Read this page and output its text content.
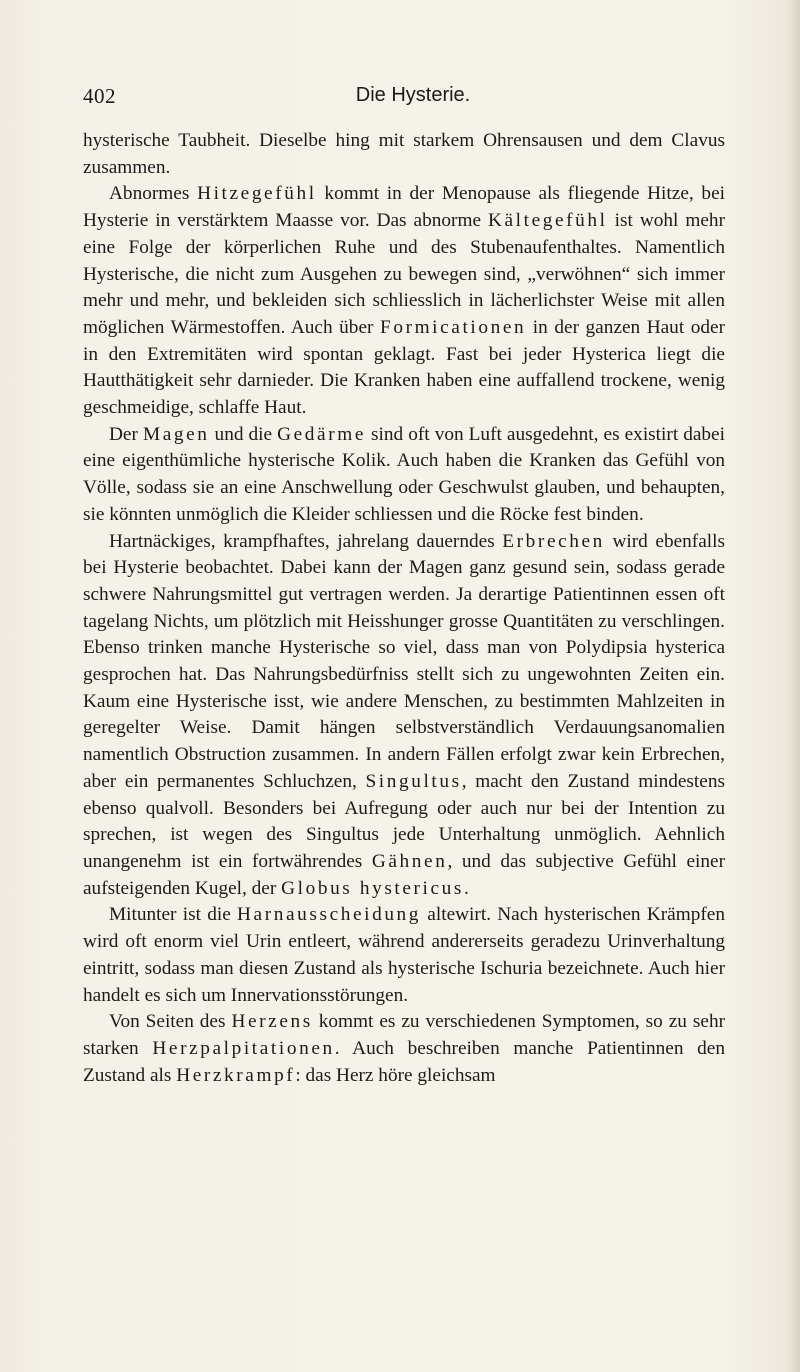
402	Die Hysterie.

hysterische Taubheit. Dieselbe hing mit starkem Ohrensausen und dem Clavus zusammen.

Abnormes Hitzegefühl kommt in der Menopause als fliegende Hitze, bei Hysterie in verstärktem Maasse vor. Das abnorme Kältegefühl ist wohl mehr eine Folge der körperlichen Ruhe und des Stubenaufenthaltes. Namentlich Hysterische, die nicht zum Ausgehen zu bewegen sind, „verwöhnen“ sich immer mehr und mehr, und bekleiden sich schliesslich in lächerlichster Weise mit allen möglichen Wärmestoffen. Auch über Formicationen in der ganzen Haut oder in den Extremitäten wird spontan geklagt. Fast bei jeder Hysterica liegt die Hautthätigkeit sehr darnieder. Die Kranken haben eine auffallend trockene, wenig geschmeidige, schlaffe Haut.

Der Magen und die Gedärme sind oft von Luft ausgedehnt, es existirt dabei eine eigenthümliche hysterische Kolik. Auch haben die Kranken das Gefühl von Völle, sodass sie an eine Anschwellung oder Geschwulst glauben, und behaupten, sie könnten unmöglich die Kleider schliessen und die Röcke fest binden.

Hartnäckiges, krampfhaftes, jahrelang dauerndes Erbrechen wird ebenfalls bei Hysterie beobachtet. Dabei kann der Magen ganz gesund sein, sodass gerade schwere Nahrungsmittel gut vertragen werden. Ja derartige Patientinnen essen oft tagelang Nichts, um plötzlich mit Heisshunger grosse Quantitäten zu verschlingen. Ebenso trinken manche Hysterische so viel, dass man von Polydipsia hysterica gesprochen hat. Das Nahrungsbedürfniss stellt sich zu ungewohnten Zeiten ein. Kaum eine Hysterische isst, wie andere Menschen, zu bestimmten Mahlzeiten in geregelter Weise. Damit hängen selbstverständlich Verdauungsanomalien namentlich Obstruction zusammen. In andern Fällen erfolgt zwar kein Erbrechen, aber ein permanentes Schluchzen, Singultus, macht den Zustand mindestens ebenso qualvoll. Besonders bei Aufregung oder auch nur bei der Intention zu sprechen, ist wegen des Singultus jede Unterhaltung unmöglich. Aehnlich unangenehm ist ein fortwährendes Gähnen, und das subjective Gefühl einer aufsteigenden Kugel, der Globus hystericus.

Mitunter ist die Harnausscheidung altewirt. Nach hysterischen Krämpfen wird oft enorm viel Urin entleert, während andererseits geradezu Urinverhaltung eintritt, sodass man diesen Zustand als hysterische Ischuria bezeichnete. Auch hier handelt es sich um Innervationsstörungen.

Von Seiten des Herzens kommt es zu verschiedenen Symptomen, so zu sehr starken Herzpalpitationen. Auch beschreiben manche Patientinnen den Zustand als Herzkrampf: das Herz höre gleichsam
